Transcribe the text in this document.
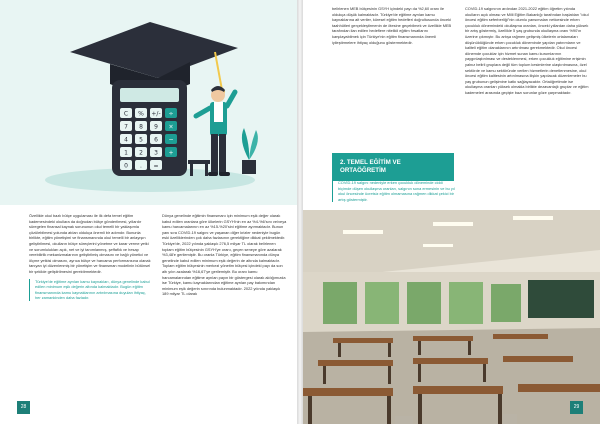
C % +/- ÷
7 8 9 ×
4 5 6 −
1 2 3 +
0 . =

Özellikle okul bazlı bütçe uygulaması ile ilk defa temel eğitim kademesindeki okullara da doğrudan bütçe gönderilmesi, yıllardır süregelen finansal kaynak sorununun okul temelli bir yaklaşımla çözülebilmesi yolunda atılan oldukça önemli bir adımdır. Bununla birlikte, eğitim yönetişimi ve finansmanında okul temelli bir anlayışın geliştirilmesi, okulların bütçe süreçlerini yönetme ve karar verme yetki ve sorumlulukları açık, net ve iyi tanımlanmış, şeffaflık ve hesap verebilirlik mekanizmalarının geliştirilmiş olmasını ve bağlı yönetici ve ölçme yetkisi olmasını, ayrıca bütçe ve harcama performansına olanak tanıyan iyi düzenlenmiş bir yönetişim ve finansman modelinin bütünsel bir şekilde geliştirilmesini gerektirmektedir.

Türkiye'de eğitime ayrılan kamu kaynakları, dünya genelinde kabul edilen minimum eşik değerin altında kalmaktadır. Bugün eğitim finansmanında kamu kaynaklarının artırılmasına duyulan ihtiyaç, her zamankinden daha fazladır.

Dünya genelinde eğitimin finansmanı için minimum eşik değer olarak kabul edilen oranlara göre ülkelerin GSYH'nin en az %4-%6'sını ve/veya kamu harcamalarının en az %15-%20'sini eğitime ayırmaktadır. Bunun yanı sıra COVID-19 salgını ve yaşanan diğer krizler nedeniyle bugün eski özelliklerinden çok daha fazlasının gerektiğine dikkat çekilmektedir. Türkiye'de, 2022 yılında yaklaşık 276,5 milyar TL olarak belirlenen toplam eğitim bütçesinin GSYH'ye oranı, geçen seneye göre azalarak %3,48'e gerilemiştir. Bu oranla Türkiye, eğitim finansmanında dünya genelinde kabul edilen minimum eşik değerin de altında kalmaktadır. Toplam eğitim bütçesinin merkezi yönetim bütçesi içindeki payı da son altı yılın azalarak %16,67'ye gerilemiştir. Bu oranı kamu harcamalarından eğitime ayrılan payın bir göstergesi olarak aldığımızda ise Türkiye, kamu kaynaklarından eğitime ayrılan pay bakımından minimum eşik değerin sınırında bulunmaktadır. 2022 yılında yaklaşık 189 milyar TL olarak

28

belirlenen MEB bütçesinin GSYH içindeki payı da %2,60 oranı ile oldukça düşük kalmaktadır. Türkiye'de eğitime ayrılan kamu kaynaklarına ait veriler, küresel eğitim hedefleri doğrultusunda önceki taahhütleri gerçekleştirmenin de ötesine geçebilmek ve özellikle MEB tarafından ilan edilen hedeflere nitelikli eğitim fırsatlarını karşılayabilmek için Türkiye'nin eğitim finansmanında önemli iyileştirmelere ihtiyaç olduğunu göstermektedir.

2. TEMEL EĞİTİM VE ORTAÖĞRETİM
COVID-19 salgını nedeniyle erken çocukluk döneminde ciddi biçimde düşen okullaşma oranları, salgının sona ermesinin ve bu yıl okul öncesinde ücretsiz eğitim olmamasına rağmen dikkat çekici bir artış göstermiştir.

COVID-19 salgınının ardından 2021-2022 eğitim öğretim yılında okulların açık olması ve Milli Eğitim Bakanlığı tarafından başlatılan "okul öncesi eğitim seferberliği"nin olumlu yansımaları neticesinde erken çocukluk dönemindeki okullaşma oranları, önceki yıllardan daha yüksek bir artış göstermiş, özellikle 5 yaş grubunda okullaşma oranı %90'ın üzerine çıkmıştır. Bu artışa rağmen gelişmiş ülkelerin ortalamaları düşünüldüğünde erken çocukluk döneminde yapılan yatırımların ve kaliteli eğitim olanaklarının artırılması gerekmektedir. Okul öncesi dönemde çocuklar için hizmet sunan kamu kurumlarının yaygınlaştırılması ve desteklenmesi, erken çocukluk eğitimine erişimin yalnız belirli gruplara değil tüm toplum kesimlerine ulaştırılmasına, özel sektörde ve kamu sektöründe verilen hizmetlerin denetlenmesine, okul öncesi eğitim kalitesinin artırılmasına ilişkin yapılacak düzenlemeler bu yaş grubunun gelişimine katkı sağlayacaktır. Ortaöğretimde ise okullaşma oranları yüksek olmakla birlikte dezavantajlı gruplar ve eğitim kademeleri arasında geçişte bazı sorunlar göze çarpmaktadır.

29
